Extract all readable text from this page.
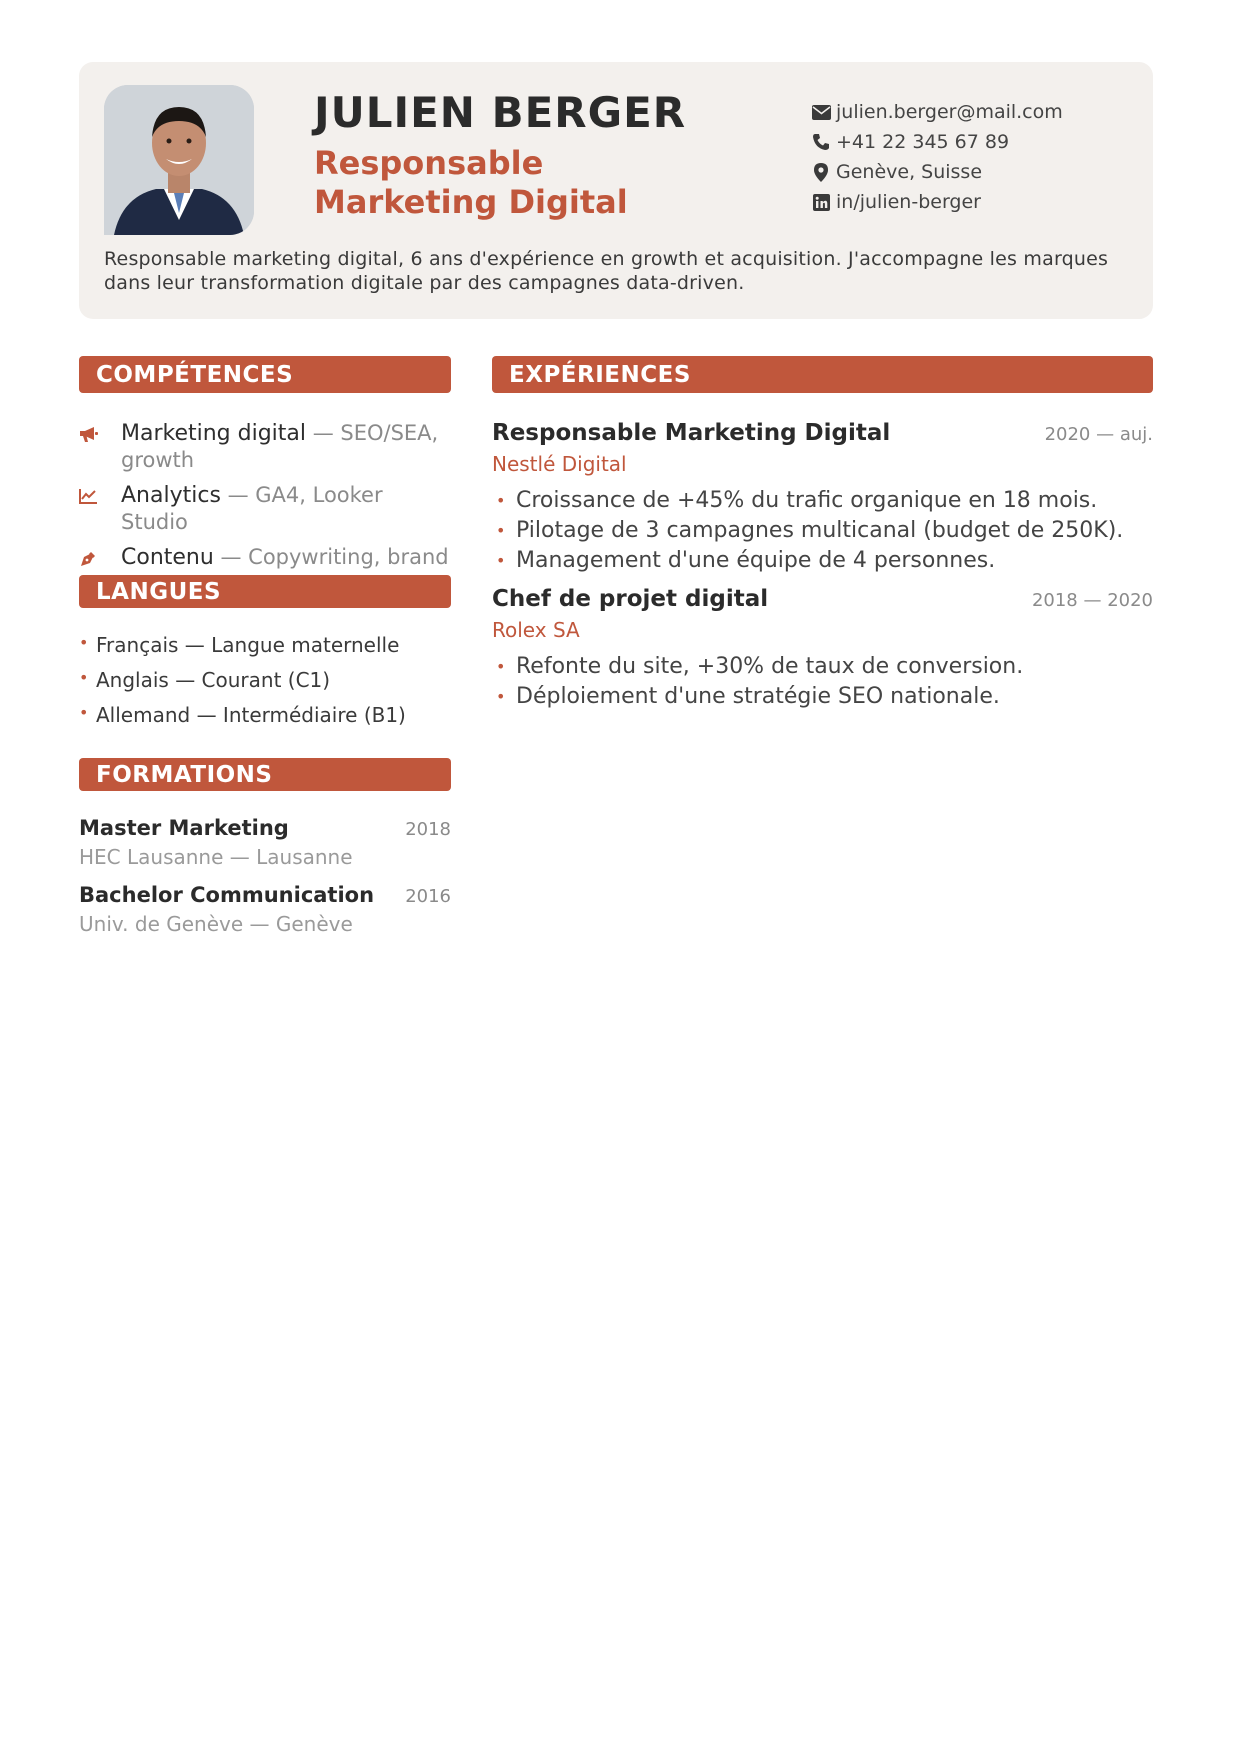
JULIEN BERGER
Responsable Marketing Digital
julien.berger@mail.com
+41 22 345 67 89
Genève, Suisse
in/julien-berger
Responsable marketing digital, 6 ans d'expérience en growth et acquisition. J'accompagne les marques dans leur transformation digitale par des campagnes data-driven.
COMPÉTENCES	EXPÉRIENCES
LANGUES
FORMATIONS
Marketing digital — SEO/SEA, growth
Analytics — GA4, Looker Studio
Contenu — Copywriting, brand
• Français — Langue maternelle
• Anglais — Courant (C1)
• Allemand — Intermédiaire (B1)
Master Marketing	2018
HEC Lausanne — Lausanne
Bachelor Communication 2016
Univ. de Genève — Genève
Responsable Marketing Digital	2020 — auj.
Nestlé Digital
• Croissance de +45% du trafic organique en 18 mois.
• Pilotage de 3 campagnes multicanal (budget de 250K).
• Management d'une équipe de 4 personnes.
Chef de projet digital	2018 — 2020
Rolex SA
• Refonte du site, +30% de taux de conversion.
• Déploiement d'une stratégie SEO nationale.
